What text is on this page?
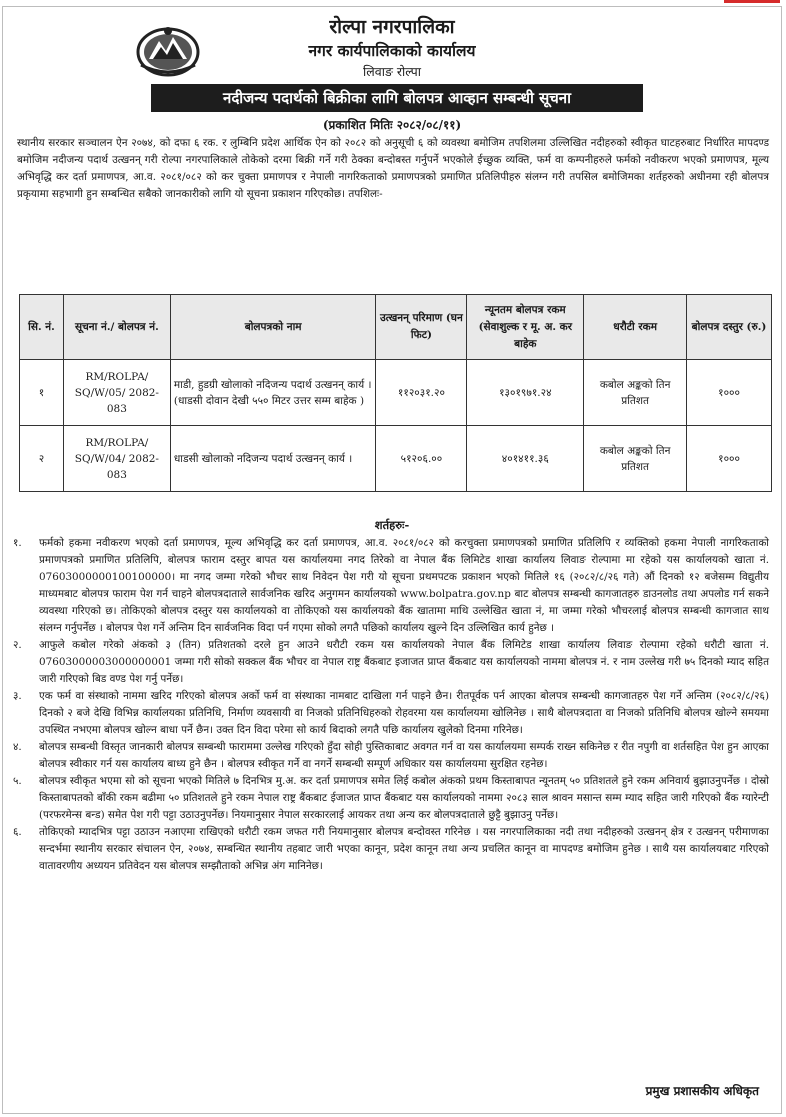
रोल्पा नगरपालिका
नगर कार्यपालिकाको कार्यालय
लिवाङ रोल्पा
नदीजन्य पदार्थको बिक्रीका लागि बोलपत्र आव्हान सम्बन्धी सूचना
(प्रकाशित मितिः २०८२/०८/११)
स्थानीय सरकार सञ्चालन ऐन २०७४, को दफा ६ रक. र लुम्बिनि प्रदेश आर्थिक ऐन को २०८२ को अनुसूची ६ को व्यवस्था बमोजिम तपशिलमा उल्लिखित नदीहरुको स्वीकृत घाटहरुबाट निर्धारित मापदण्ड बमोजिम नदीजन्य पदार्थ उत्खनन् गरी रोल्पा नगरपालिकाले तोकेको दरमा बिक्री गर्ने गरी ठेक्का बन्दोबस्त गर्नुपर्ने भएकोले ईच्छुक व्यक्ति, फर्म वा कम्पनीहरुले फर्मको नवीकरण भएको प्रमाणपत्र, मूल्य अभिवृद्धि कर दर्ता प्रमाणपत्र, आ.व. २०८१/०८२ को कर चुक्ता प्रमाणपत्र र नेपाली नागरिकताको प्रमाणपत्रको प्रमाणित प्रतिलिपीहरु संलग्न गरी तपसिल बमोजिमका शर्तहरुको अधीनमा रही बोलपत्र प्रकृयामा सहभागी हुन सम्बन्धित सबैको जानकारीको लागि यो सूचना प्रकाशन गरिएकोछ। तपशिलः-
सि. नं.	सूचना नं./ बोलपत्र नं.	बोलपत्रको नाम	उत्खनन् परिमाण (घन फिट)	न्यूनतम बोलपत्र रकम (सेवाशुल्क र मू. अ. कर बाहेक	धरौटी रकम	बोलपत्र दस्तुर (रु.)
१	RM/ROLPA/ SQ/W/05/ 2082- 083	माडी, हुडग्री खोलाको नदिजन्य पदार्थ उत्खनन् कार्य । (धाडसी दोवान देखी ५५० मिटर उत्तर सम्म बाहेक )	११२०३१.२०	१३०१९७१.२४	कबोल अङ्कको तिन प्रतिशत	१०००
२	RM/ROLPA/ SQ/W/04/ 2082-083	धाडसी खोलाको नदिजन्य पदार्थ उत्खनन् कार्य ।	५१२०६.००	४०१४११.३६	कबोल अङ्कको तिन प्रतिशत	१०००
शर्तहरुः-
१.	फर्मको हकमा नवीकरण भएको दर्ता प्रमाणपत्र, मूल्य अभिवृद्धि कर दर्ता प्रमाणपत्र, आ.व. २०८१/०८२ को करचुक्ता प्रमाणपत्रको प्रमाणित प्रतिलिपि र व्यक्तिको हकमा नेपाली नागरिकताको प्रमाणपत्रको प्रमाणित प्रतिलिपि, बोलपत्र फाराम दस्तुर बापत यस कार्यालयमा नगद तिरेको वा नेपाल बैंक लिमिटेड शाखा कार्यालय लिवाङ रोल्पामा मा रहेको यस कार्यालयको खाता नं. 07603000000100100000। मा नगद जम्मा गरेको भौचर साथ निवेदन पेश गरी यो सूचना प्रथमपटक प्रकाशन भएको मितिले १६ (२०८२/८/२६ गते) औं दिनको १२ बजेसम्म विद्युतीय माध्यमबाट बोलपत्र फाराम पेश गर्न चाहने बोलपत्रदाताले सार्वजनिक खरिद अनुगमन कार्यालयको www.bolpatra.gov.np बाट बोलपत्र सम्बन्धी कागजातहरु डाउनलोड तथा अपलोड गर्न सकने व्यवस्था गरिएको छ। तोकिएको बोलपत्र दस्तुर यस कार्यालयको वा तोकिएको यस कार्यालयको बैंक खातामा माथि उल्लेखित खाता नं, मा जम्मा गरेको भौचरलाई बोलपत्र सम्बन्धी कागजात साथ संलग्न गर्नुपर्नेछ । बोलपत्र पेश गर्ने अन्तिम दिन सार्वजनिक विदा पर्न गएमा सोको लगतै पछिको कार्यालय खुल्ने दिन उल्लिखित कार्य हुनेछ ।
२.	आफुले कबोल गरेको अंकको ३ (तिन) प्रतिशतको दरले हुन आउने धरौटी रकम यस कार्यालयको नेपाल बैंक लिमिटेड शाखा कार्यालय लिवाङ रोल्पामा रहेको धरौटी खाता नं. 07603000003000000001 जम्मा गरी सोको सक्कल बैंक भौचर वा नेपाल राष्ट्र बैंकबाट इजाजत प्राप्त बैंकबाट यस कार्यालयको नाममा बोलपत्र नं. र नाम उल्लेख गरी ७५ दिनको म्याद सहित जारी गरिएको बिड वण्ड पेश गर्नु पर्नेछ।
३.	एक फर्म वा संस्थाको नाममा खरिद गरिएको बोलपत्र अर्को फर्म वा संस्थाका नामबाट दाखिला गर्न पाइने छैन। रीतपूर्वक पर्न आएका बोलपत्र सम्बन्धी कागजातहरु पेश गर्ने अन्तिम (२०८२/८/२६) दिनको २ बजे देखि विभिन्न कार्यालयका प्रतिनिधि, निर्माण व्यवसायी वा निजको प्रतिनिधिहरुको रोहवरमा यस कार्यालयमा खोलिनेछ । साथै बोलपत्रदाता वा निजको प्रतिनिधि बोलपत्र खोल्ने समयमा उपस्थित नभएमा बोलपत्र खोल्न बाधा पर्ने छैन। उक्त दिन विदा परेमा सो कार्य बिदाको लगतै पछि कार्यालय खुलेको दिनमा गरिनेछ।
४.	बोलपत्र सम्बन्धी विस्तृत जानकारी बोलपत्र सम्बन्धी फाराममा उल्लेख गरिएको हुँदा सोही पुस्तिकाबाट अवगत गर्न वा यस कार्यालयमा सम्पर्क राख्न सकिनेछ र रीत नपुगी वा शर्तसहित पेश हुन आएका बोलपत्र स्वीकार गर्न यस कार्यालय बाध्य हुने छैन । बोलपत्र स्वीकृत गर्ने वा नगर्ने सम्बन्धी सम्पूर्ण अधिकार यस कार्यालयमा सुरक्षित रहनेछ।
५.	बोलपत्र स्वीकृत भएमा सो को सूचना भएको मितिले ७ दिनभित्र मु.अ. कर दर्ता प्रमाणपत्र समेत लिई कबोल अंकको प्रथम किस्ताबापत न्यूनतम् ५० प्रतिशतले हुने रकम अनिवार्य बुझाउनुपर्नेछ । दोस्रो किस्ताबापतको बाँकी रकम बढीमा ५० प्रतिशतले हुने रकम नेपाल राष्ट्र बैंकबाट ईजाजत प्राप्त बैंकबाट यस कार्यालयको नाममा २०८३ साल श्रावन मसान्त सम्म म्याद सहित जारी गरिएको बैंक ग्यारेन्टी (परफरमेन्स बन्ड) समेत पेश गरी पट्टा उठाउनुपर्नेछ। नियमानुसार नेपाल सरकारलाई आयकर तथा अन्य कर बोलपत्रदाताले छुट्टै बुझाउनु पर्नेछ।
६.	तोकिएको म्यादभित्र पट्टा उठाउन नआएमा राखिएको धरौटी रकम जफत गरी नियमानुसार बोलपत्र बन्दोवस्त गरिनेछ । यस नगरपालिकाका नदी तथा नदीहरुको उत्खनन् क्षेत्र र उत्खनन् परीमाणका सन्दर्भमा स्थानीय सरकार संचालन ऐन, २०७४, सम्बन्धित स्थानीय तहबाट जारी भएका कानून, प्रदेश कानून तथा अन्य प्रचलित कानून वा मापदण्ड बमोजिम हुनेछ । साथै यस कार्यालयबाट गरिएको वातावरणीय अध्ययन प्रतिवेदन यस बोलपत्र सम्झौताको अभिन्न अंग मानिनेछ।
प्रमुख प्रशासकीय अधिकृत
